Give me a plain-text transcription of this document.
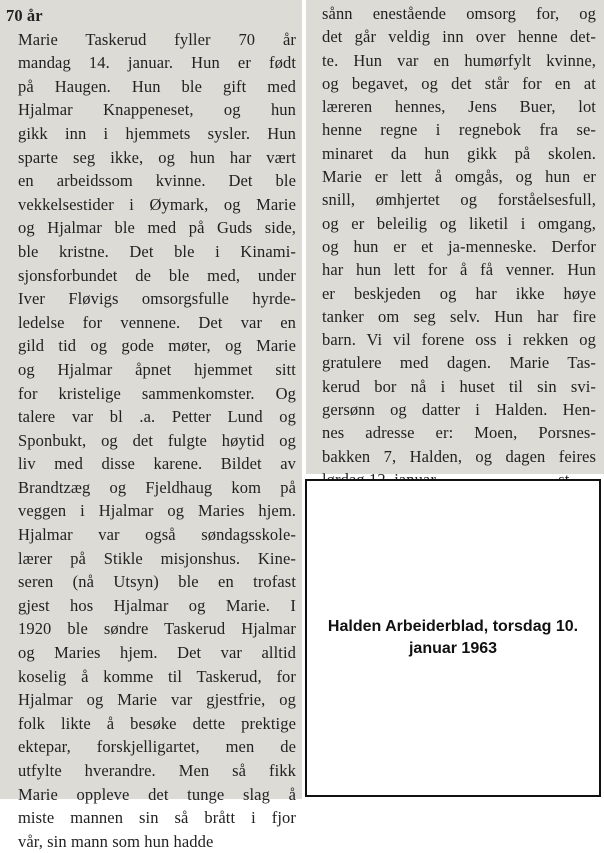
70 år
Marie Taskerud fyller 70 år
mandag 14. januar. Hun er født
på Haugen. Hun ble gift med
Hjalmar Knappeneset, og hun
gikk inn i hjemmets sysler. Hun
sparte seg ikke, og hun har vært
en arbeidssom kvinne. Det ble
vekkelsestider i Øymark, og Marie
og Hjalmar ble med på Guds side,
ble kristne. Det ble i Kinami-
sjonsforbundet de ble med, under
Iver Fløvigs omsorgsfulle hyrde-
ledelse for vennene. Det var en
gild tid og gode møter, og Marie
og Hjalmar åpnet hjemmet sitt
for kristelige sammenkomster. Og
talere var bl .a. Petter Lund og
Sponbukt, og det fulgte høytid og
liv med disse karene. Bildet av
Brandtzæg og Fjeldhaug kom på
veggen i Hjalmar og Maries hjem.
Hjalmar var også søndagsskole-
lærer på Stikle misjonshus. Kine-
seren (nå Utsyn) ble en trofast
gjest hos Hjalmar og Marie. I
1920 ble søndre Taskerud Hjalmar
og Maries hjem. Det var alltid
koselig å komme til Taskerud, for
Hjalmar og Marie var gjestfrie, og
folk likte å besøke dette prektige
ektepar, forskjelligartet, men de
utfylte hverandre. Men så fikk
Marie oppleve det tunge slag å
miste mannen sin så brått i fjor
vår, sin mann som hun hadde
sånn enestående omsorg for, og
det går veldig inn over henne det-
te. Hun var en humørfylt kvinne,
og begavet, og det står for en at
læreren hennes, Jens Buer, lot
henne regne i regnebok fra se-
minaret da hun gikk på skolen.
Marie er lett å omgås, og hun er
snill, ømhjertet og forståelsesfull,
og er beleilig og liketil i omgang,
og hun er et ja-menneske. Derfor
har hun lett for å få venner. Hun
er beskjeden og har ikke høye
tanker om seg selv. Hun har fire
barn. Vi vil forene oss i rekken og
gratulere med dagen. Marie Tas-
kerud bor nå i huset til sin svi-
gersønn og datter i Halden. Hen-
nes adresse er: Moen, Porsnes-
bakken 7, Halden, og dagen feires
Halden Arbeiderblad, torsdag 10.
januar 1963
